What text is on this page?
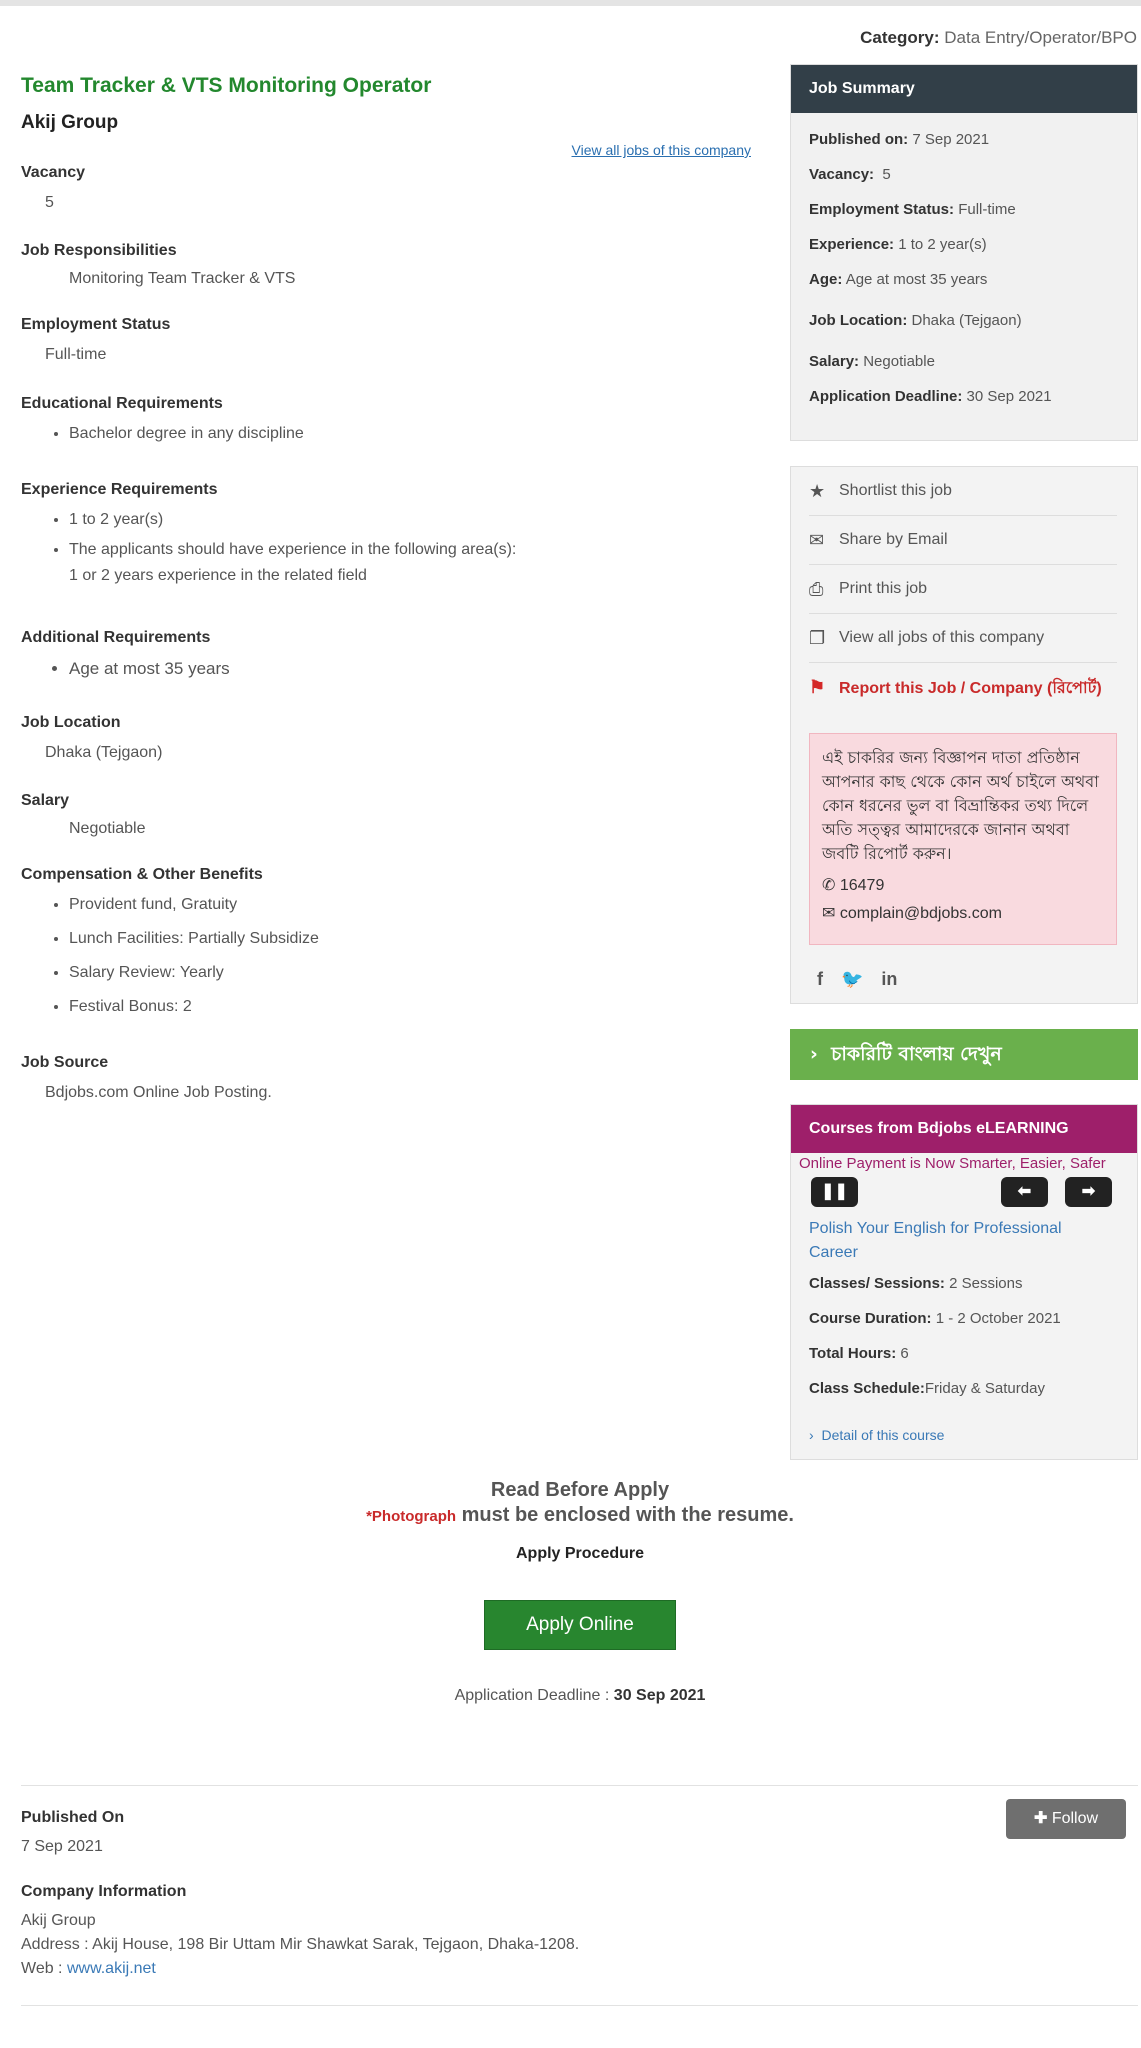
Category: Data Entry/Operator/BPO
Team Tracker & VTS Monitoring Operator
Akij Group
View all jobs of this company
Vacancy
5
Job Responsibilities
Monitoring Team Tracker & VTS
Employment Status
Full-time
Educational Requirements
• Bachelor degree in any discipline
Experience Requirements
• 1 to 2 year(s)
• The applicants should have experience in the following area(s):
1 or 2 years experience in the related field
Additional Requirements
• Age at most 35 years
Job Location
Dhaka (Tejgaon)
Salary
Negotiable
Compensation & Other Benefits
• Provident fund, Gratuity
• Lunch Facilities: Partially Subsidize
• Salary Review: Yearly
• Festival Bonus: 2
Job Source
Bdjobs.com Online Job Posting.
Job Summary
Published on: 7 Sep 2021
Vacancy: 5
Employment Status: Full-time
Experience: 1 to 2 year(s)
Age: Age at most 35 years
Job Location: Dhaka (Tejgaon)
Salary: Negotiable
Application Deadline: 30 Sep 2021
★ Shortlist this job
✉ Share by Email
⎙ Print this job
❐ View all jobs of this company
⚑ Report this Job / Company (রিপোর্ট)
এই চাকরির জন্য বিজ্ঞাপন দাতা প্রতিষ্ঠান আপনার কাছ থেকে কোন অর্থ চাইলে অথবা কোন ধরনের ভুল বা বিভ্রান্তিকর তথ্য দিলে অতি সত্ত্বর আমাদেরকে জানান অথবা জবটি রিপোর্ট করুন।
✆ 16479
✉ complain@bdjobs.com
f🐦in
› চাকরিটি বাংলায় দেখুন
Courses from Bdjobs eLEARNING
Online Payment is Now Smarter, Easier, Safer
❚❚	⬅	➡
Polish Your English for Professional Career
Classes/ Sessions: 2 Sessions
Course Duration: 1 - 2 October 2021
Total Hours: 6
Class Schedule:Friday & Saturday
› Detail of this course
Read Before Apply
*Photograph must be enclosed with the resume.
Apply Procedure
Apply Online
Application Deadline : 30 Sep 2021
Published On
7 Sep 2021
✚ Follow
Company Information
Akij Group
Address : Akij House, 198 Bir Uttam Mir Shawkat Sarak, Tejgaon, Dhaka-1208.
Web : www.akij.net
